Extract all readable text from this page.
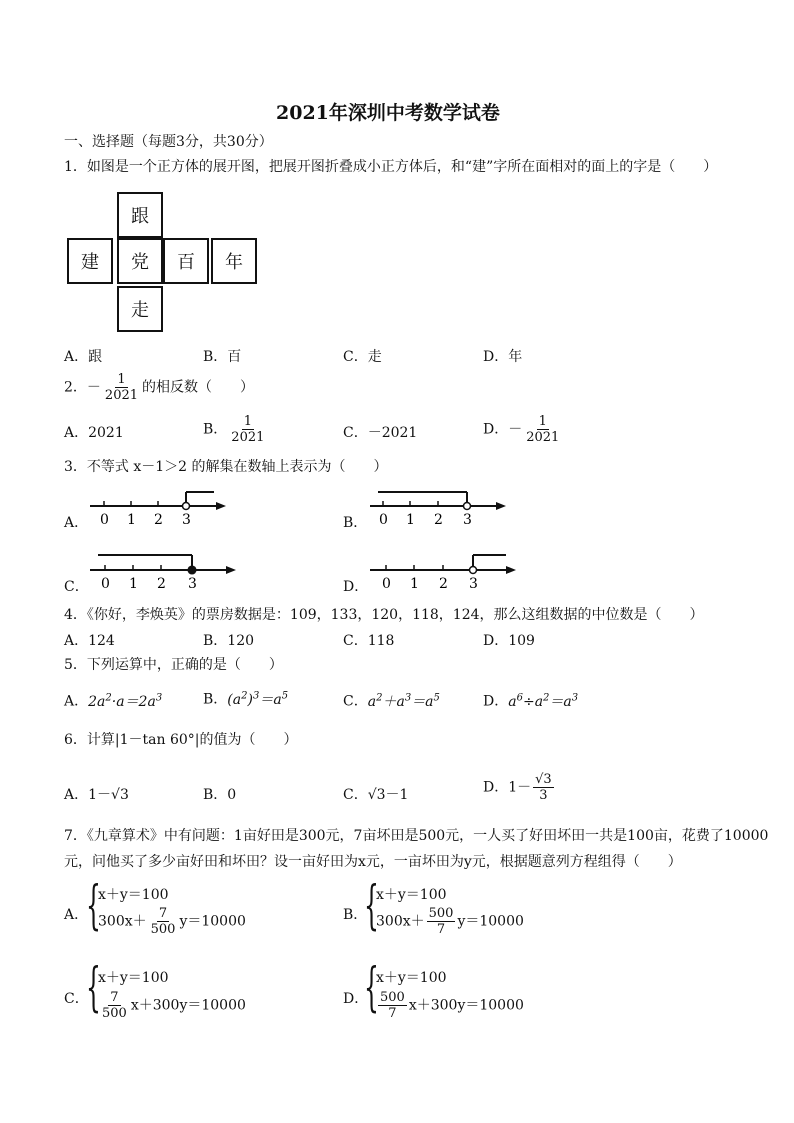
2021年深圳中考数学试卷
一、选择题（每题3分，共30分）
1．如图是一个正方体的展开图，把展开图折叠成小正方体后，和“建”字所在面相对的面上的字是（　　）
跟
建	党	百	年
走
A．跟	B．百	C．走	D．年
2．－ $\frac{1}{2021}$ 的相反数（　　）
A．2021	B． $\frac{1}{2021}$	C．－2021	D．－ $\frac{1}{2021}$
3．不等式 x－1＞2 的解集在数轴上表示为（　　）
A． 0 1 2 3	B． 0 1 2 3
C． 0 1 2 3	D． 0 1 2 3
4．《你好，李焕英》的票房数据是：109，133，120，118，124，那么这组数据的中位数是（　　）
A．124	B．120	C．118	D．109
5．下列运算中，正确的是（　　）
A．$2a^2\cdot a=2a^3$	B．$(a^2)^3=a^5$	C．$a^2+a^3=a^5$	D．$a^6\div a^2=a^3$
6．计算|1－tan 60°|的值为（　　）
A．1－√3	B．0	C．√3－1	D．$1- \frac{√3}{3}$
7．《九章算术》中有问题：1亩好田是300元，7亩坏田是500元，一人买了好田坏田一共是100亩，花费了10000
元，问他买了多少亩好田和坏田？设一亩好田为x元，一亩坏田为y元，根据题意列方程组得（　　）
A．
{
x＋y＝100
$300x+ \frac{7}{500} y=10000$	B．
{
x＋y＝100
$300x+ \frac{500}{7} y=10000$
C．
{
x＋y＝100
$\frac{7}{500} x+300y=10000$	D．
{
x＋y＝100
$\frac{500}{7} x+300y=10000$
